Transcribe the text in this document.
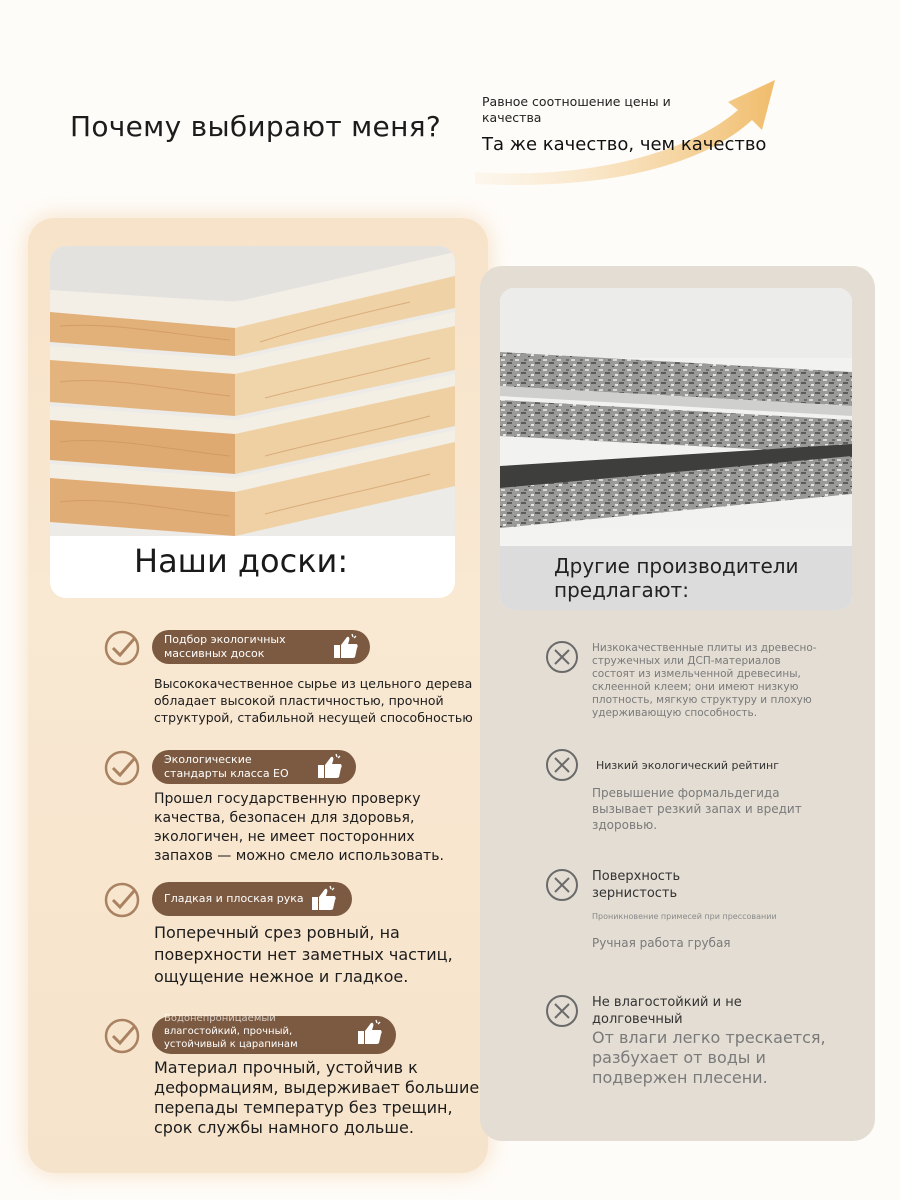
Почему выбирают меня?
Равное соотношение цены и качества
Та же качество, чем качество
Наши доски:
Подбор экологичных массивных досок
Высококачественное сырье из цельного дерева обладает высокой пластичностью, прочной структурой, стабильной несущей способностью
Экологические стандарты класса ЕО
Прошел государственную проверку качества, безопасен для здоровья, экологичен, не имеет посторонних запахов — можно смело использовать.
Гладкая и плоская рука
Поперечный срез ровный, на поверхности нет заметных частиц, ощущение нежное и гладкое.
Водонепроницаемый
влагостойкий, прочный, устойчивый к царапинам
Материал прочный, устойчив к деформациям, выдерживает большие перепады температур без трещин, срок службы намного дольше.
Другие производители предлагают:
Низкокачественные плиты из древесно-стружечных или ДСП-материалов состоят из измельченной древесины, склеенной клеем; они имеют низкую плотность, мягкую структуру и плохую удерживающую способность.
Низкий экологический рейтинг
Превышение формальдегида вызывает резкий запах и вредит здоровью.
Поверхность зернистость
Проникновение примесей при прессовании
Ручная работа грубая
Не влагостойкий и не долговечный
От влаги легко трескается, разбухает от воды и подвержен плесени.
